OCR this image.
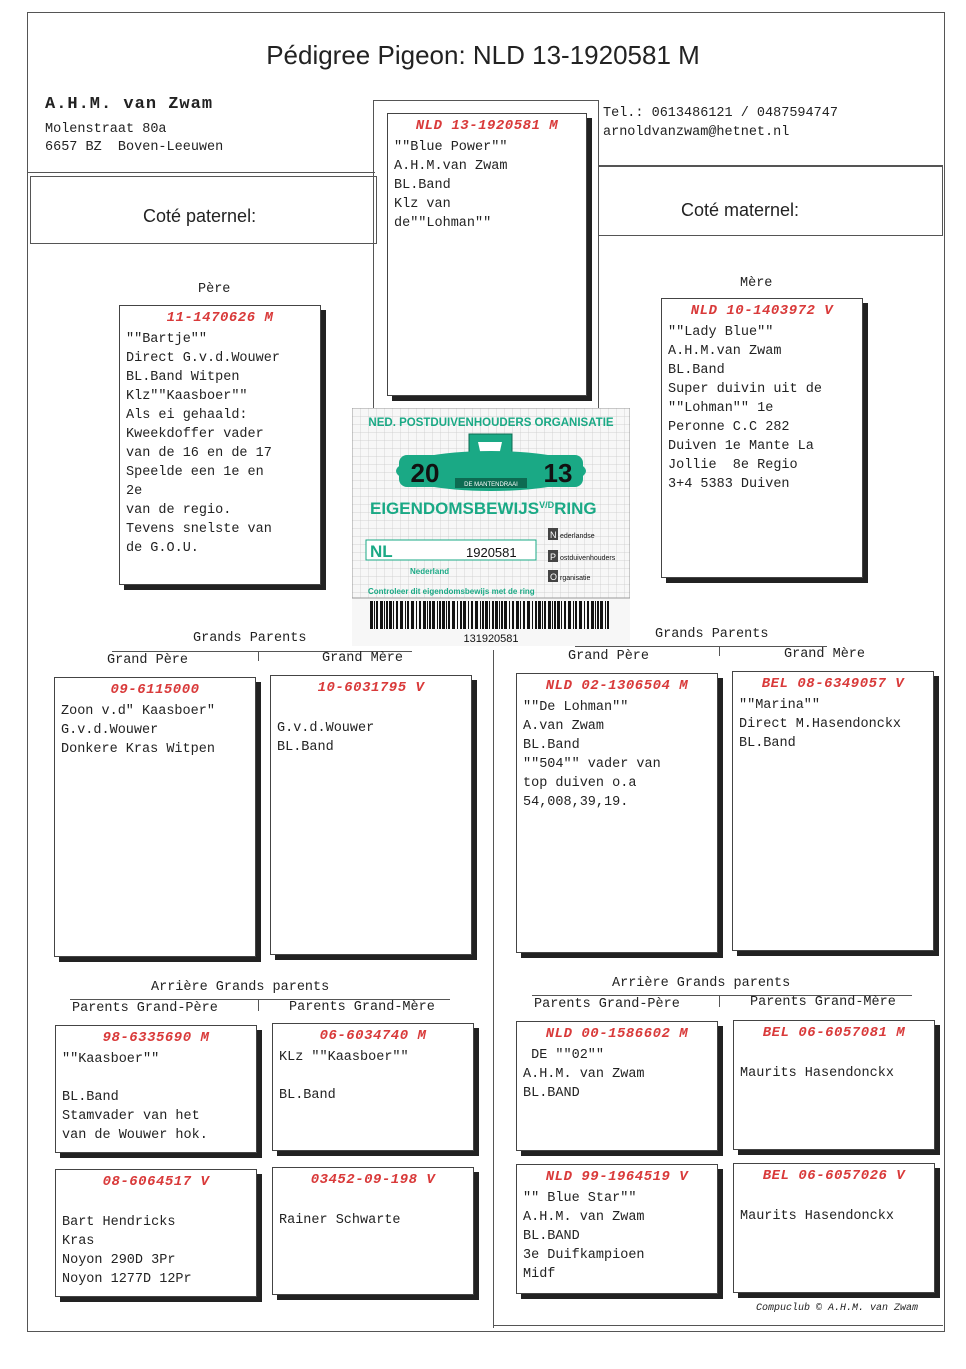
Pédigree Pigeon: NLD 13-1920581 M
A.H.M. van Zwam
Molenstraat 80a
6657 BZ  Boven-Leeuwen
Tel.: 0613486121 / 0487594747
arnoldvanzwam@hetnet.nl
Coté paternel:	Coté maternel:
NLD 13-1920581 M
""Blue Power""
A.H.M.van Zwam
BL.Band
Klz van
de""Lohman""
Père
11-1470626 M
""Bartje""
Direct G.v.d.Wouwer
BL.Band Witpen
Klz""Kaasboer""
Als ei gehaald:
Kweekdoffer vader
van de 16 en de 17
Speelde een 1e en
2e
van de regio.
Tevens snelste van
de G.O.U.
Mère
NLD 10-1403972 V
""Lady Blue""
A.H.M.van Zwam
BL.Band
Super duivin uit de
""Lohman"" 1e
Peronne C.C 282
Duiven 1e Mante La
Jollie  8e Regio
3+4 5383 Duiven
NED. POSTDUIVENHOUDERS ORGANISATIE
20	13
DE MANTENDRAAI
$EIGENDOMSBEWIJS^{V/D}RING$
NL	1920581
Nederland
N ederlandse
P ostduivenhouders
O rganisatie
Controleer dit eigendomsbewijs met de ring
131920581
Grands Parents
Grand Père	Grand Mère
09-6115000
Zoon v.d" Kaasboer"
G.v.d.Wouwer
Donkere Kras Witpen
10-6031795 V

G.v.d.Wouwer
BL.Band
Grands Parents
Grand Père	Grand Mère
NLD 02-1306504 M
""De Lohman""
A.van Zwam
BL.Band
""504"" vader van
top duiven o.a
54,008,39,19.
BEL 08-6349057 V
""Marina""
Direct M.Hasendonckx
BL.Band
Arrière Grands parents
Parents Grand-Père	Parents Grand-Mère
98-6335690 M
""Kaasboer""

BL.Band
Stamvader van het
van de Wouwer hok.
08-6064517 V

Bart Hendricks
Kras
Noyon 290D 3Pr
Noyon 1277D 12Pr
06-6034740 M
KLz ""Kaasboer""

BL.Band
03452-09-198 V

Rainer Schwarte
Arrière Grands parents
Parents Grand-Père	Parents Grand-Mère
NLD 00-1586602 M
DE ""02""
A.H.M. van Zwam
BL.BAND
NLD 99-1964519 V
"" Blue Star""
A.H.M. van Zwam
BL.BAND
3e Duifkampioen
Midf
BEL 06-6057081 M

Maurits Hasendonckx
BEL 06-6057026 V

Maurits Hasendonckx
Compuclub © A.H.M. van Zwam
